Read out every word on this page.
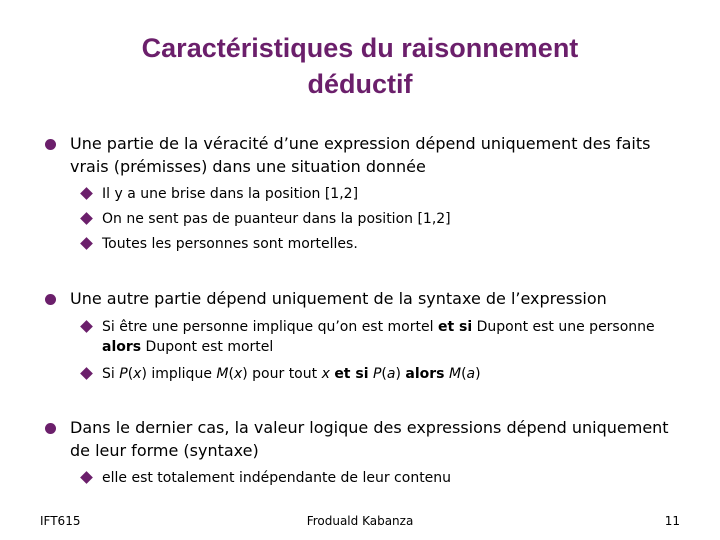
Caractéristiques du raisonnement
déductif
Une partie de la véracité d’une expression dépend uniquement des faits vrais (prémisses) dans une situation donnée
Il y a une brise dans la position [1,2]
On ne sent pas de puanteur dans la position [1,2]
Toutes les personnes sont mortelles.
Une autre partie dépend uniquement de la syntaxe de l’expression
Si être une personne implique qu’on est mortel et si Dupont est une personne alors Dupont est mortel
Si P(x) implique M(x) pour tout x et si P(a) alors M(a)
Dans le dernier cas, la valeur logique des expressions dépend uniquement de leur forme (syntaxe)
elle est totalement indépendante de leur contenu
IFT615	Froduald Kabanza	11
